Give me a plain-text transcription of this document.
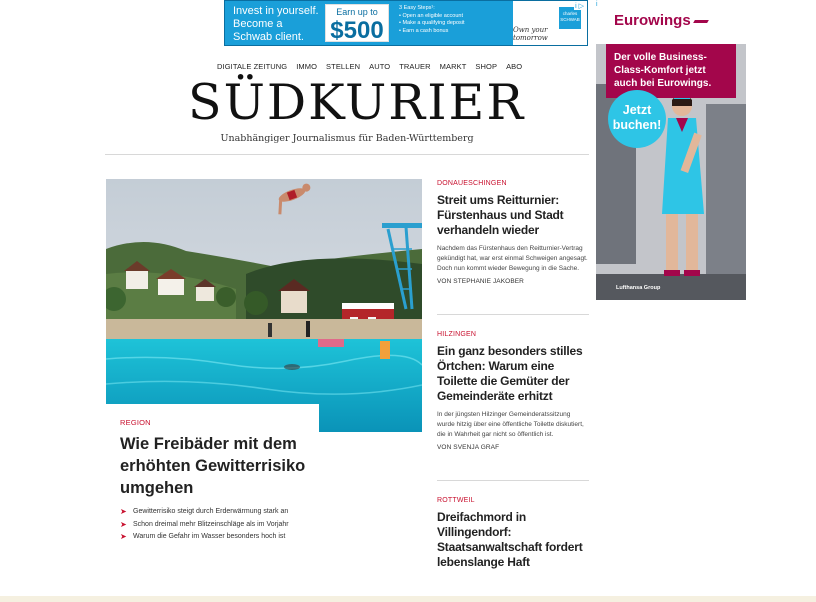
Invest in yourself.
Become a
Schwab client.
Earn up to
$500
3 Easy Steps¹:
• Open an eligible account
• Make a qualifying deposit
• Earn a cash bonus
charles SCHWAB
Own your tomorrow
i ▷
DIGITALE ZEITUNG IMMO STELLEN AUTO TRAUER MARKT SHOP ABO
SÜDKURIER
Unabhängiger Journalismus für Baden-Württemberg
REGION
Wie Freibäder mit dem erhöhten Gewitterrisiko umgehen
➤ Gewitterrisiko steigt durch Erderwärmung stark an
➤ Schon dreimal mehr Blitzeinschläge als im Vorjahr
➤ Warum die Gefahr im Wasser besonders hoch ist
DONAUESCHINGEN
Streit ums Reitturnier: Fürstenhaus und Stadt verhandeln wieder
Nachdem das Fürstenhaus den Reitturnier-Vertrag gekündigt hat, war erst einmal Schweigen angesagt. Doch nun kommt wieder Bewegung in die Sache.
VON STEPHANIE JAKOBER
HILZINGEN
Ein ganz besonders stilles Örtchen: Warum eine Toilette die Gemüter der Gemeinderäte erhitzt
In der jüngsten Hilzinger Gemeinderatssitzung wurde hitzig über eine öffentliche Toilette diskutiert, die in Wahrheit gar nicht so öffentlich ist.
VON SVENJA GRAF
ROTTWEIL
Dreifachmord in Villingendorf: Staatsanwaltschaft fordert lebenslange Haft
i
Eurowings
Der volle Business-Class-Komfort jetzt auch bei Eurowings.
Jetzt buchen!
Lufthansa Group
